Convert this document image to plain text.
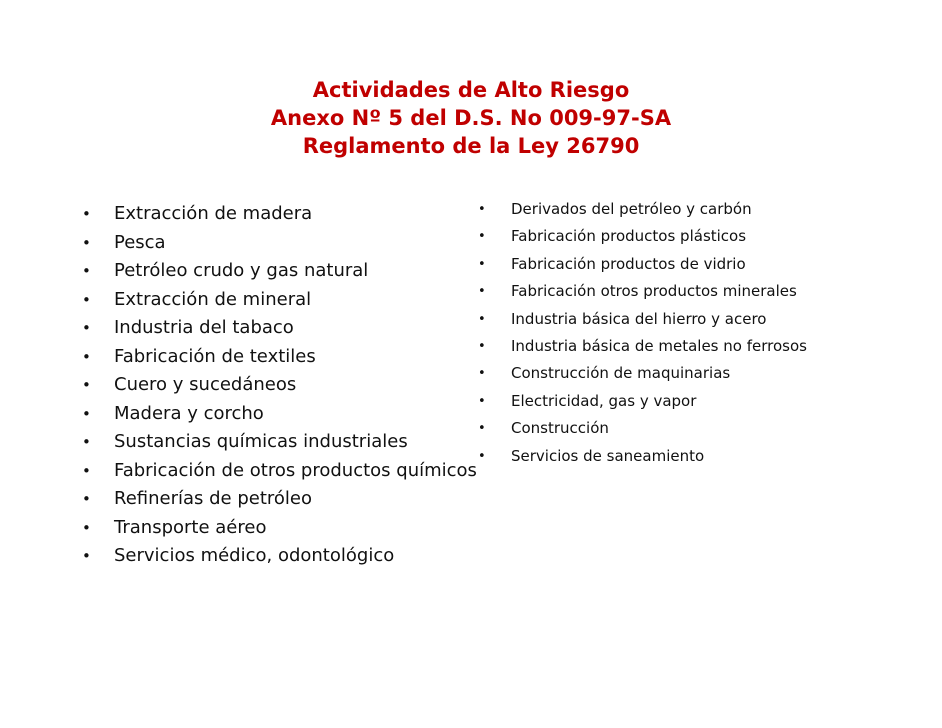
Actividades de Alto Riesgo
Anexo Nº 5 del D.S. No 009-97-SA
Reglamento de la Ley 26790
• Extracción de madera
• Pesca
• Petróleo crudo y gas natural
• Extracción de mineral
• Industria del tabaco
• Fabricación de textiles
• Cuero y sucedáneos
• Madera y corcho
• Sustancias químicas industriales
• Fabricación de otros productos químicos
• Refinerías de petróleo
• Transporte aéreo
• Servicios médico, odontológico
• Derivados del petróleo y carbón
• Fabricación productos plásticos
• Fabricación productos de vidrio
• Fabricación otros productos minerales
• Industria básica del hierro y acero
• Industria básica de metales no ferrosos
• Construcción de maquinarias
• Electricidad, gas y vapor
• Construcción
• Servicios de saneamiento
